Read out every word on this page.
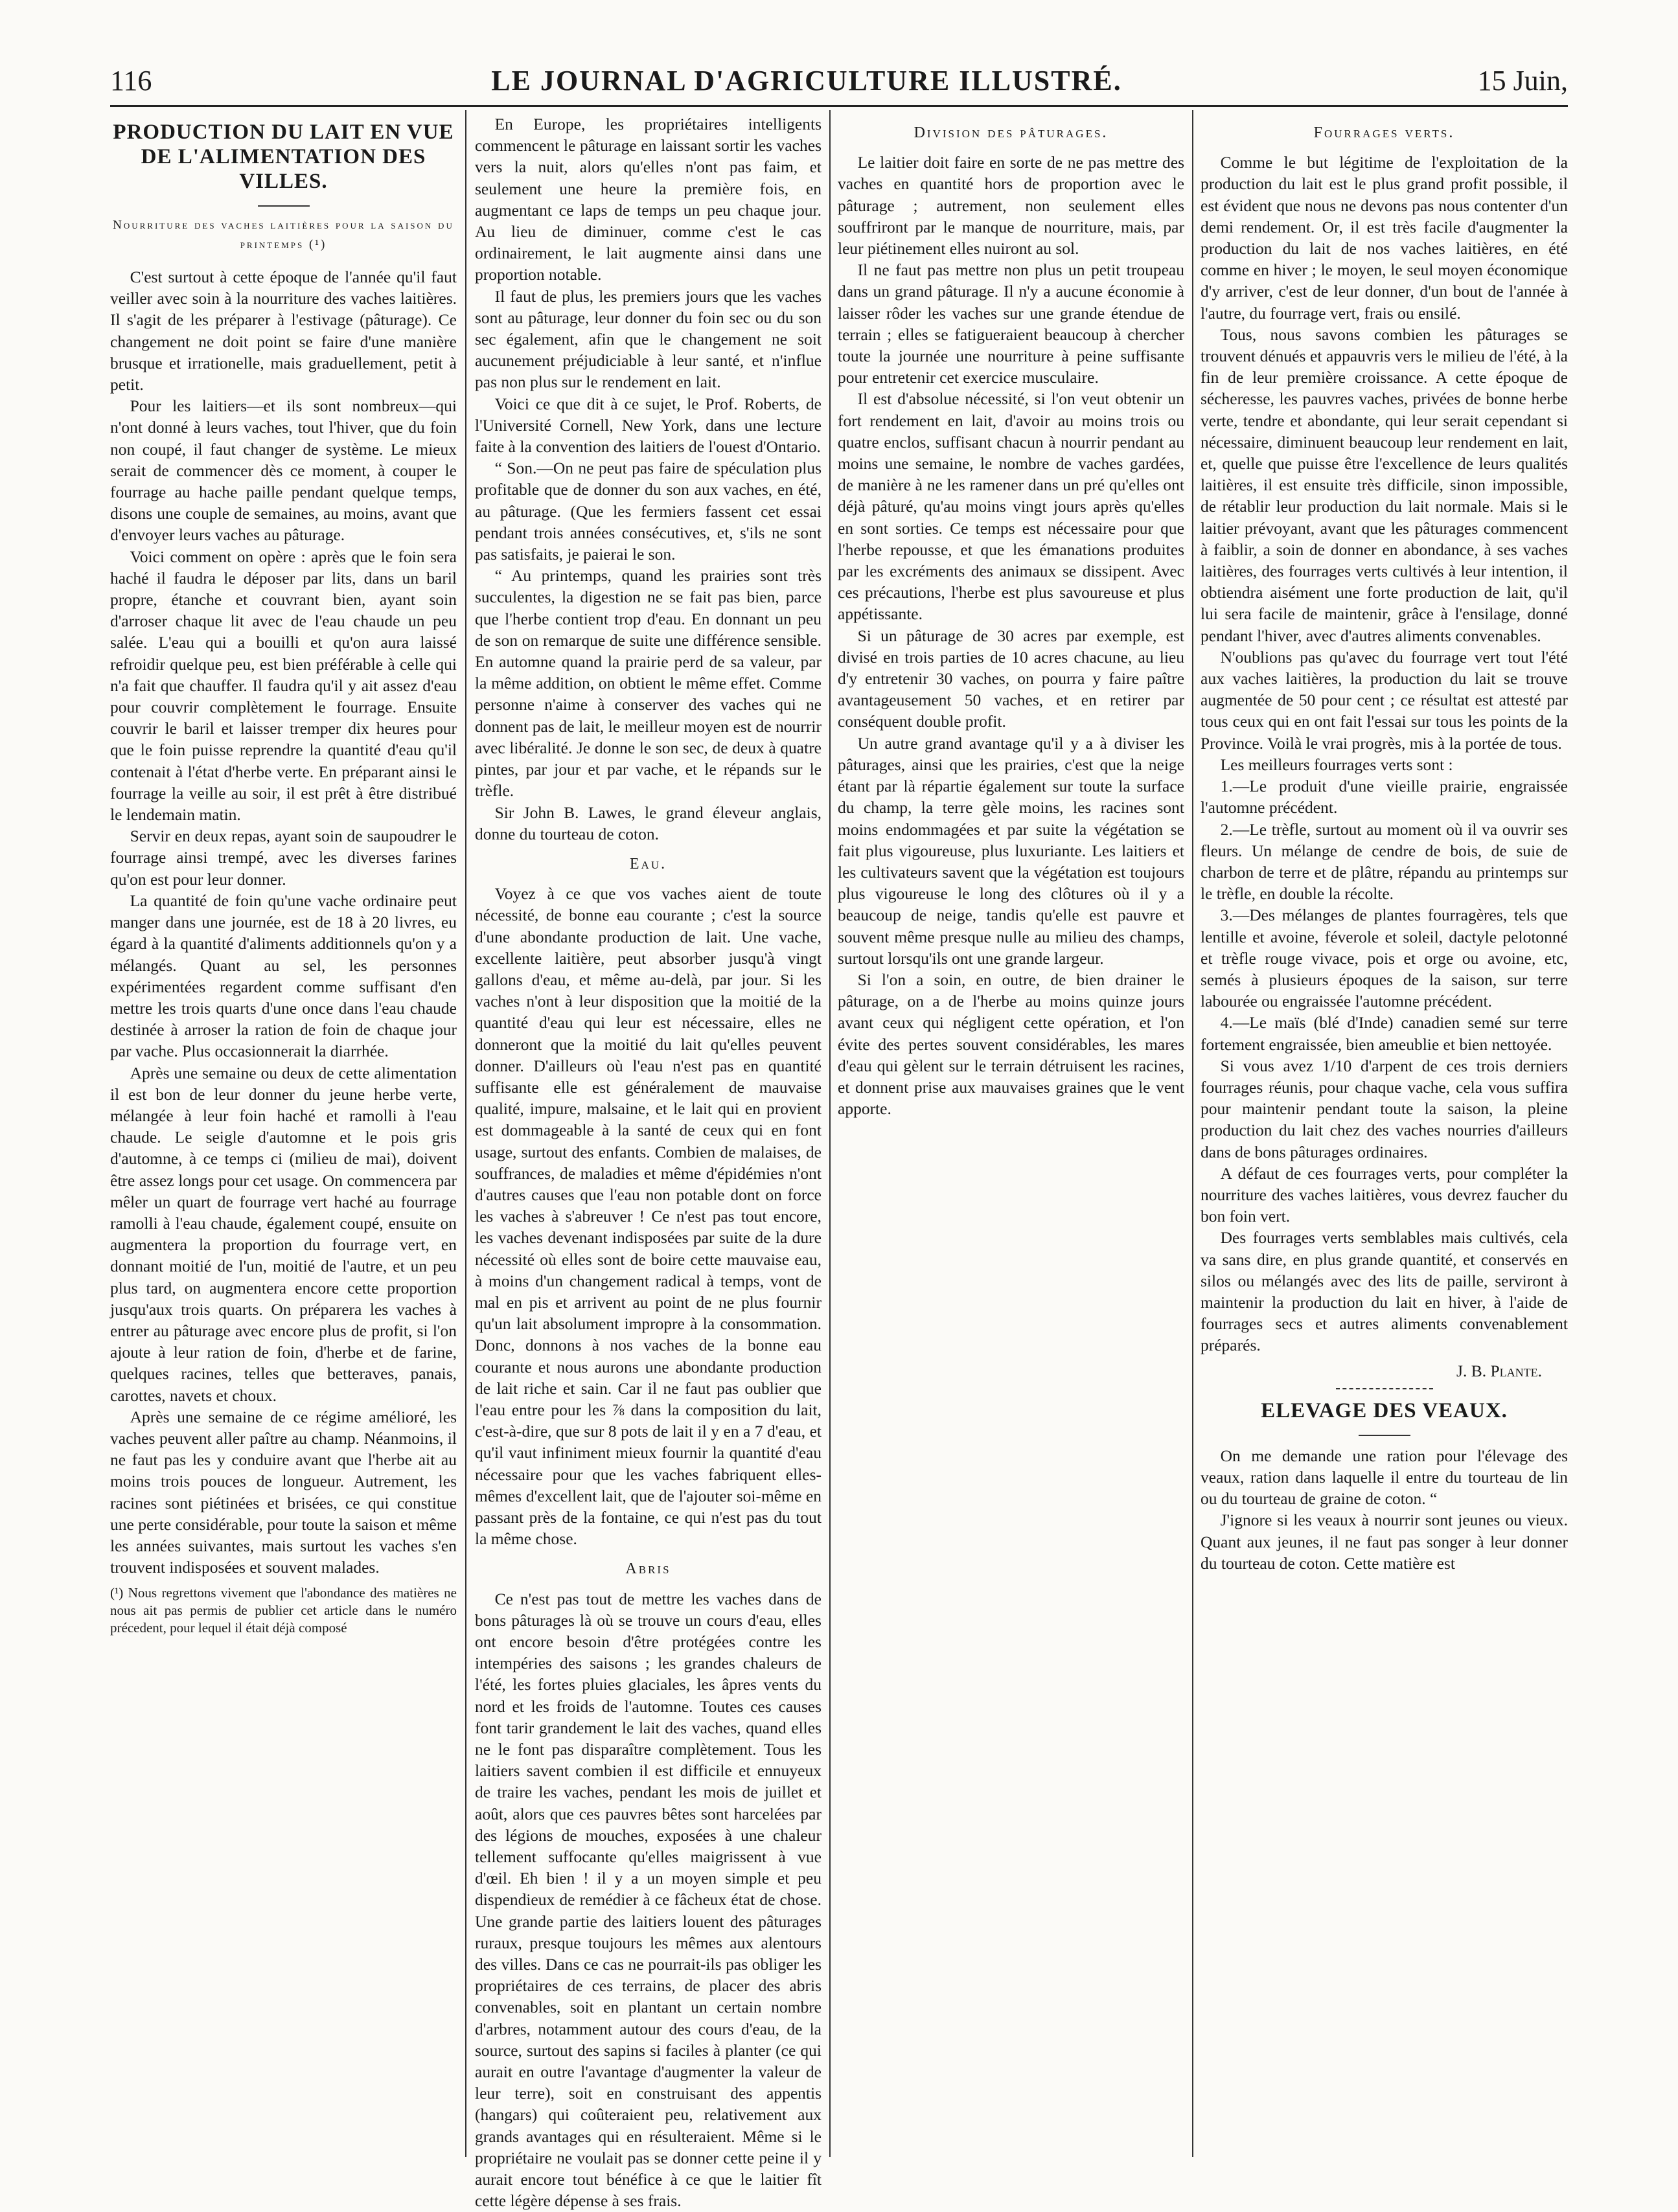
116	LE JOURNAL D'AGRICULTURE ILLUSTRÉ.	15 Juin,
PRODUCTION DU LAIT EN VUE DE L'ALIMENTATION DES VILLES.
Nourriture des vaches laitières pour la saison du printemps (¹)

C'est surtout à cette époque de l'année qu'il faut veiller avec soin à la nourriture des vaches laitières. Il s'agit de les préparer à l'estivage (pâturage). Ce changement ne doit point se faire d'une manière brusque et irrationelle, mais graduellement, petit à petit.

Pour les laitiers—et ils sont nombreux—qui n'ont donné à leurs vaches, tout l'hiver, que du foin non coupé, il faut changer de système. Le mieux serait de commencer dès ce moment, à couper le fourrage au hache paille pendant quelque temps, disons une couple de semaines, au moins, avant que d'envoyer leurs vaches au pâturage.

Voici comment on opère : après que le foin sera haché il faudra le déposer par lits, dans un baril propre, étanche et couvrant bien, ayant soin d'arroser chaque lit avec de l'eau chaude un peu salée. L'eau qui a bouilli et qu'on aura laissé refroidir quelque peu, est bien préférable à celle qui n'a fait que chauffer. Il faudra qu'il y ait assez d'eau pour couvrir complètement le fourrage. Ensuite couvrir le baril et laisser tremper dix heures pour que le foin puisse reprendre la quantité d'eau qu'il contenait à l'état d'herbe verte. En préparant ainsi le fourrage la veille au soir, il est prêt à être distribué le lendemain matin.

Servir en deux repas, ayant soin de saupoudrer le fourrage ainsi trempé, avec les diverses farines qu'on est pour leur donner.

La quantité de foin qu'une vache ordinaire peut manger dans une journée, est de 18 à 20 livres, eu égard à la quantité d'aliments additionnels qu'on y a mélangés. Quant au sel, les personnes expérimentées regardent comme suffisant d'en mettre les trois quarts d'une once dans l'eau chaude destinée à arroser la ration de foin de chaque jour par vache. Plus occasionnerait la diarrhée.

Après une semaine ou deux de cette alimentation il est bon de leur donner du jeune herbe verte, mélangée à leur foin haché et ramolli à l'eau chaude. Le seigle d'automne et le pois gris d'automne, à ce temps ci (milieu de mai), doivent être assez longs pour cet usage. On commencera par mêler un quart de fourrage vert haché au fourrage ramolli à l'eau chaude, également coupé, ensuite on augmentera la proportion du fourrage vert, en donnant moitié de l'un, moitié de l'autre, et un peu plus tard, on augmentera encore cette proportion jusqu'aux trois quarts. On préparera les vaches à entrer au pâturage avec encore plus de profit, si l'on ajoute à leur ration de foin, d'herbe et de farine, quelques racines, telles que betteraves, panais, carottes, navets et choux.

Après une semaine de ce régime amélioré, les vaches peuvent aller paître au champ. Néanmoins, il ne faut pas les y conduire avant que l'herbe ait au moins trois pouces de longueur. Autrement, les racines sont piétinées et brisées, ce qui constitue une perte considérable, pour toute la saison et même les années suivantes, mais surtout les vaches s'en trouvent indisposées et souvent malades.

(¹) Nous regrettons vivement que l'abondance des matières ne nous ait pas permis de publier cet article dans le numéro précedent, pour lequel il était déjà composé

En Europe, les propriétaires intelligents commencent le pâturage en laissant sortir les vaches vers la nuit, alors qu'elles n'ont pas faim, et seulement une heure la première fois, en augmentant ce laps de temps un peu chaque jour. Au lieu de diminuer, comme c'est le cas ordinairement, le lait augmente ainsi dans une proportion notable.

Il faut de plus, les premiers jours que les vaches sont au pâturage, leur donner du foin sec ou du son sec également, afin que le changement ne soit aucunement préjudiciable à leur santé, et n'influe pas non plus sur le rendement en lait.

Voici ce que dit à ce sujet, le Prof. Roberts, de l'Université Cornell, New York, dans une lecture faite à la convention des laitiers de l'ouest d'Ontario.

“ Son.—On ne peut pas faire de spéculation plus profitable que de donner du son aux vaches, en été, au pâturage. (Que les fermiers fassent cet essai pendant trois années consécutives, et, s'ils ne sont pas satisfaits, je paierai le son.

“ Au printemps, quand les prairies sont très succulentes, la digestion ne se fait pas bien, parce que l'herbe contient trop d'eau. En donnant un peu de son on remarque de suite une différence sensible. En automne quand la prairie perd de sa valeur, par la même addition, on obtient le même effet. Comme personne n'aime à conserver des vaches qui ne donnent pas de lait, le meilleur moyen est de nourrir avec libéralité. Je donne le son sec, de deux à quatre pintes, par jour et par vache, et le répands sur le trèfle.

Sir John B. Lawes, le grand éleveur anglais, donne du tourteau de coton.

Eau.

Voyez à ce que vos vaches aient de toute nécessité, de bonne eau courante ; c'est la source d'une abondante production de lait. Une vache, excellente laitière, peut absorber jusqu'à vingt gallons d'eau, et même au-delà, par jour. Si les vaches n'ont à leur disposition que la moitié de la quantité d'eau qui leur est nécessaire, elles ne donneront que la moitié du lait qu'elles peuvent donner. D'ailleurs où l'eau n'est pas en quantité suffisante elle est généralement de mauvaise qualité, impure, malsaine, et le lait qui en provient est dommageable à la santé de ceux qui en font usage, surtout des enfants. Combien de malaises, de souffrances, de maladies et même d'épidémies n'ont d'autres causes que l'eau non potable dont on force les vaches à s'abreuver ! Ce n'est pas tout encore, les vaches devenant indisposées par suite de la dure nécessité où elles sont de boire cette mauvaise eau, à moins d'un changement radical à temps, vont de mal en pis et arrivent au point de ne plus fournir qu'un lait absolument impropre à la consommation. Donc, donnons à nos vaches de la bonne eau courante et nous aurons une abondante production de lait riche et sain. Car il ne faut pas oublier que l'eau entre pour les ⅞ dans la composition du lait, c'est-à-dire, que sur 8 pots de lait il y en a 7 d'eau, et qu'il vaut infiniment mieux fournir la quantité d'eau nécessaire pour que les vaches fabriquent elles-mêmes d'excellent lait, que de l'ajouter soi-même en passant près de la fontaine, ce qui n'est pas du tout la même chose.

Abris

Ce n'est pas tout de mettre les vaches dans de bons pâturages là où se trouve un cours d'eau, elles ont encore besoin d'être protégées contre les intempéries des saisons ; les grandes chaleurs de l'été, les fortes pluies glaciales, les âpres vents du nord et les froids de l'automne. Toutes ces causes font tarir grandement le lait des vaches, quand elles ne le font pas disparaître complètement. Tous les laitiers savent combien il est difficile et ennuyeux de traire les vaches, pendant les mois de juillet et août, alors que ces pauvres bêtes sont harcelées par des légions de mouches, exposées à une chaleur tellement suffocante qu'elles maigrissent à vue d'œil. Eh bien ! il y a un moyen simple et peu dispendieux de remédier à ce fâcheux état de chose. Une grande partie des laitiers louent des pâturages ruraux, presque toujours les mêmes aux alentours des villes. Dans ce cas ne pourrait-ils pas obliger les propriétaires de ces terrains, de placer des abris convenables, soit en plantant un certain nombre d'arbres, notamment autour des cours d'eau, de la source, surtout des sapins si faciles à planter (ce qui aurait en outre l'avantage d'augmenter la valeur de leur terre), soit en construisant des appentis (hangars) qui coûteraient peu, relativement aux grands avantages qui en résulteraient. Même si le propriétaire ne voulait pas se donner cette peine il y aurait encore tout bénéfice à ce que le laitier fît cette légère dépense à ses frais.

Division des pâturages.

Le laitier doit faire en sorte de ne pas mettre des vaches en quantité hors de proportion avec le pâturage ; autrement, non seulement elles souffriront par le manque de nourriture, mais, par leur piétinement elles nuiront au sol.

Il ne faut pas mettre non plus un petit troupeau dans un grand pâturage. Il n'y a aucune économie à laisser rôder les vaches sur une grande étendue de terrain ; elles se fatigueraient beaucoup à chercher toute la journée une nourriture à peine suffisante pour entretenir cet exercice musculaire.

Il est d'absolue nécessité, si l'on veut obtenir un fort rendement en lait, d'avoir au moins trois ou quatre enclos, suffisant chacun à nourrir pendant au moins une semaine, le nombre de vaches gardées, de manière à ne les ramener dans un pré qu'elles ont déjà pâturé, qu'au moins vingt jours après qu'elles en sont sorties. Ce temps est nécessaire pour que l'herbe repousse, et que les émanations produites par les excréments des animaux se dissipent. Avec ces précautions, l'herbe est plus savoureuse et plus appétissante.

Si un pâturage de 30 acres par exemple, est divisé en trois parties de 10 acres chacune, au lieu d'y entretenir 30 vaches, on pourra y faire paître avantageusement 50 vaches, et en retirer par conséquent double profit.

Un autre grand avantage qu'il y a à diviser les pâturages, ainsi que les prairies, c'est que la neige étant par là répartie également sur toute la surface du champ, la terre gèle moins, les racines sont moins endommagées et par suite la végétation se fait plus vigoureuse, plus luxuriante. Les laitiers et les cultivateurs savent que la végétation est toujours plus vigoureuse le long des clôtures où il y a beaucoup de neige, tandis qu'elle est pauvre et souvent même presque nulle au milieu des champs, surtout lorsqu'ils ont une grande largeur.

Si l'on a soin, en outre, de bien drainer le pâturage, on a de l'herbe au moins quinze jours avant ceux qui négligent cette opération, et l'on évite des pertes souvent considérables, les mares d'eau qui gèlent sur le terrain détruisent les racines, et donnent prise aux mauvaises graines que le vent apporte.

Fourrages verts.

Comme le but légitime de l'exploitation de la production du lait est le plus grand profit possible, il est évident que nous ne devons pas nous contenter d'un demi rendement. Or, il est très facile d'augmenter la production du lait de nos vaches laitières, en été comme en hiver ; le moyen, le seul moyen économique d'y arriver, c'est de leur donner, d'un bout de l'année à l'autre, du fourrage vert, frais ou ensilé.

Tous, nous savons combien les pâturages se trouvent dénués et appauvris vers le milieu de l'été, à la fin de leur première croissance. A cette époque de sécheresse, les pauvres vaches, privées de bonne herbe verte, tendre et abondante, qui leur serait cependant si nécessaire, diminuent beaucoup leur rendement en lait, et, quelle que puisse être l'excellence de leurs qualités laitières, il est ensuite très difficile, sinon impossible, de rétablir leur production du lait normale. Mais si le laitier prévoyant, avant que les pâturages commencent à faiblir, a soin de donner en abondance, à ses vaches laitières, des fourrages verts cultivés à leur intention, il obtiendra aisément une forte production de lait, qu'il lui sera facile de maintenir, grâce à l'ensilage, donné pendant l'hiver, avec d'autres aliments convenables.

N'oublions pas qu'avec du fourrage vert tout l'été aux vaches laitières, la production du lait se trouve augmentée de 50 pour cent ; ce résultat est attesté par tous ceux qui en ont fait l'essai sur tous les points de la Province. Voilà le vrai progrès, mis à la portée de tous.

Les meilleurs fourrages verts sont :

1.—Le produit d'une vieille prairie, engraissée l'automne précédent.

2.—Le trèfle, surtout au moment où il va ouvrir ses fleurs. Un mélange de cendre de bois, de suie de charbon de terre et de plâtre, répandu au printemps sur le trèfle, en double la récolte.

3.—Des mélanges de plantes fourragères, tels que lentille et avoine, féverole et soleil, dactyle pelotonné et trèfle rouge vivace, pois et orge ou avoine, etc, semés à plusieurs époques de la saison, sur terre labourée ou engraissée l'automne précédent.

4.—Le maïs (blé d'Inde) canadien semé sur terre fortement engraissée, bien ameublie et bien nettoyée.

Si vous avez 1/10 d'arpent de ces trois derniers fourrages réunis, pour chaque vache, cela vous suffira pour maintenir pendant toute la saison, la pleine production du lait chez des vaches nourries d'ailleurs dans de bons pâturages ordinaires.

A défaut de ces fourrages verts, pour compléter la nourriture des vaches laitières, vous devrez faucher du bon foin vert.

Des fourrages verts semblables mais cultivés, cela va sans dire, en plus grande quantité, et conservés en silos ou mélangés avec des lits de paille, serviront à maintenir la production du lait en hiver, à l'aide de fourrages secs et autres aliments convenablement préparés.

J. B. Plante.
ELEVAGE DES VEAUX.

On me demande une ration pour l'élevage des veaux, ration dans laquelle il entre du tourteau de lin ou du tourteau de graine de coton. “

J'ignore si les veaux à nourrir sont jeunes ou vieux. Quant aux jeunes, il ne faut pas songer à leur donner du tourteau de coton. Cette matière est
